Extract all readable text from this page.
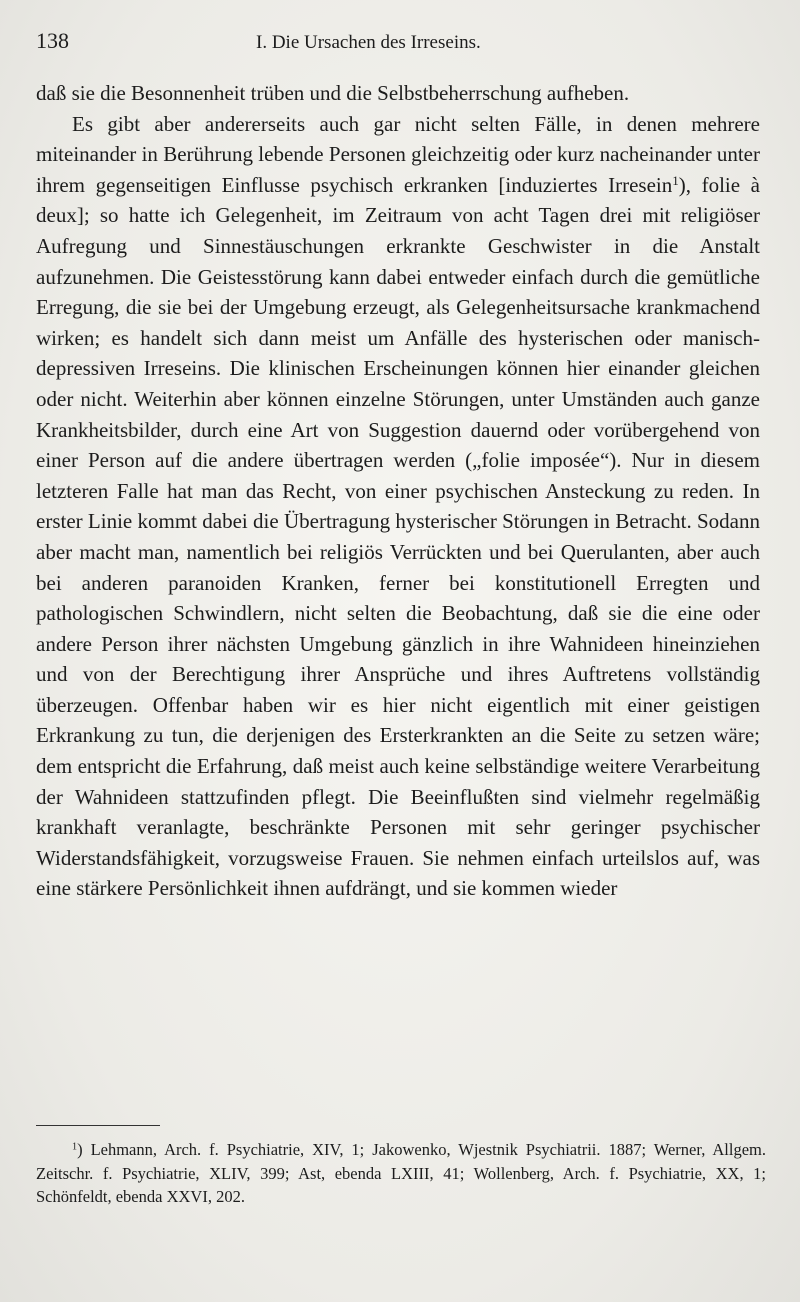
138	I. Die Ursachen des Irreseins.

daß sie die Besonnenheit trüben und die Selbstbeherrschung aufheben.

Es gibt aber andererseits auch gar nicht selten Fälle, in denen mehrere miteinander in Berührung lebende Personen gleichzeitig oder kurz nacheinander unter ihrem gegenseitigen Einflusse psychisch erkranken [induziertes Irresein$^1$), folie à deux]; so hatte ich Gelegenheit, im Zeitraum von acht Tagen drei mit religiöser Aufregung und Sinnestäuschungen erkrankte Geschwister in die Anstalt aufzunehmen. Die Geistesstörung kann dabei entweder einfach durch die gemütliche Erregung, die sie bei der Umgebung erzeugt, als Gelegenheitsursache krankmachend wirken; es handelt sich dann meist um Anfälle des hysterischen oder manisch-depressiven Irreseins. Die klinischen Erscheinungen können hier einander gleichen oder nicht. Weiterhin aber können einzelne Störungen, unter Umständen auch ganze Krankheitsbilder, durch eine Art von Suggestion dauernd oder vorübergehend von einer Person auf die andere übertragen werden („folie imposée“). Nur in diesem letzteren Falle hat man das Recht, von einer psychischen Ansteckung zu reden. In erster Linie kommt dabei die Übertragung hysterischer Störungen in Betracht. Sodann aber macht man, namentlich bei religiös Verrückten und bei Querulanten, aber auch bei anderen paranoiden Kranken, ferner bei konstitutionell Erregten und pathologischen Schwindlern, nicht selten die Beobachtung, daß sie die eine oder andere Person ihrer nächsten Umgebung gänzlich in ihre Wahnideen hineinziehen und von der Berechtigung ihrer Ansprüche und ihres Auftretens vollständig überzeugen. Offenbar haben wir es hier nicht eigentlich mit einer geistigen Erkrankung zu tun, die derjenigen des Ersterkrankten an die Seite zu setzen wäre; dem entspricht die Erfahrung, daß meist auch keine selbständige weitere Verarbeitung der Wahnideen stattzufinden pflegt. Die Beeinflußten sind vielmehr regelmäßig krankhaft veranlagte, beschränkte Personen mit sehr geringer psychischer Widerstandsfähigkeit, vorzugsweise Frauen. Sie nehmen einfach urteilslos auf, was eine stärkere Persönlichkeit ihnen aufdrängt, und sie kommen wieder

$^1$) Lehmann, Arch. f. Psychiatrie, XIV, 1; Jakowenko, Wjestnik Psychiatrii. 1887; Werner, Allgem. Zeitschr. f. Psychiatrie, XLIV, 399; Ast, ebenda LXIII, 41; Wollenberg, Arch. f. Psychiatrie, XX, 1; Schönfeldt, ebenda XXVI, 202.
